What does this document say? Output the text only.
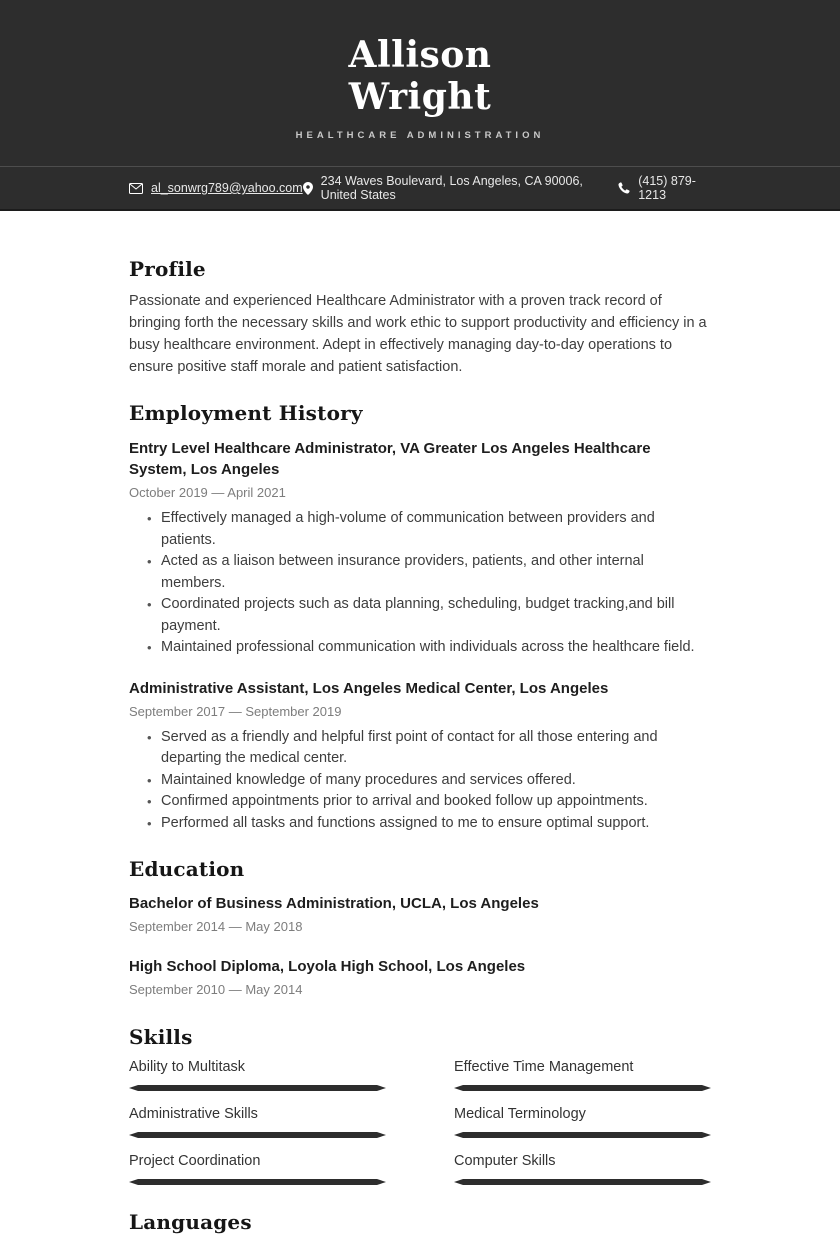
Allison
Wright
HEALTHCARE ADMINISTRATION
al_sonwrg789@yahoo.com 234 Waves Boulevard, Los Angeles, CA 90006, United States
(415) 879-1213
Profile

Passionate and experienced Healthcare Administrator with a proven track record of bringing forth the necessary skills and work ethic to support productivity and efficiency in a busy healthcare environment. Adept in effectively managing day-to-day operations to ensure positive staff morale and patient satisfaction.

Employment History
Entry Level Healthcare Administrator, VA Greater Los Angeles Healthcare System, Los Angeles
October 2019 — April 2021
• Effectively managed a high-volume of communication between providers and patients.
• Acted as a liaison between insurance providers, patients, and other internal members.
• Coordinated projects such as data planning, scheduling, budget tracking,and bill payment.
• Maintained professional communication with individuals across the healthcare field.
Administrative Assistant, Los Angeles Medical Center, Los Angeles
September 2017 — September 2019
• Served as a friendly and helpful first point of contact for all those entering and departing the medical center.
• Maintained knowledge of many procedures and services offered.
• Confirmed appointments prior to arrival and booked follow up appointments.
• Performed all tasks and functions assigned to me to ensure optimal support.
Education
Bachelor of Business Administration, UCLA, Los Angeles
September 2014 — May 2018
High School Diploma, Loyola High School, Los Angeles
September 2010 — May 2014
Skills
Ability to Multitask	Effective Time Management
Administrative Skills	Medical Terminology
Project Coordination	Computer Skills
Languages
